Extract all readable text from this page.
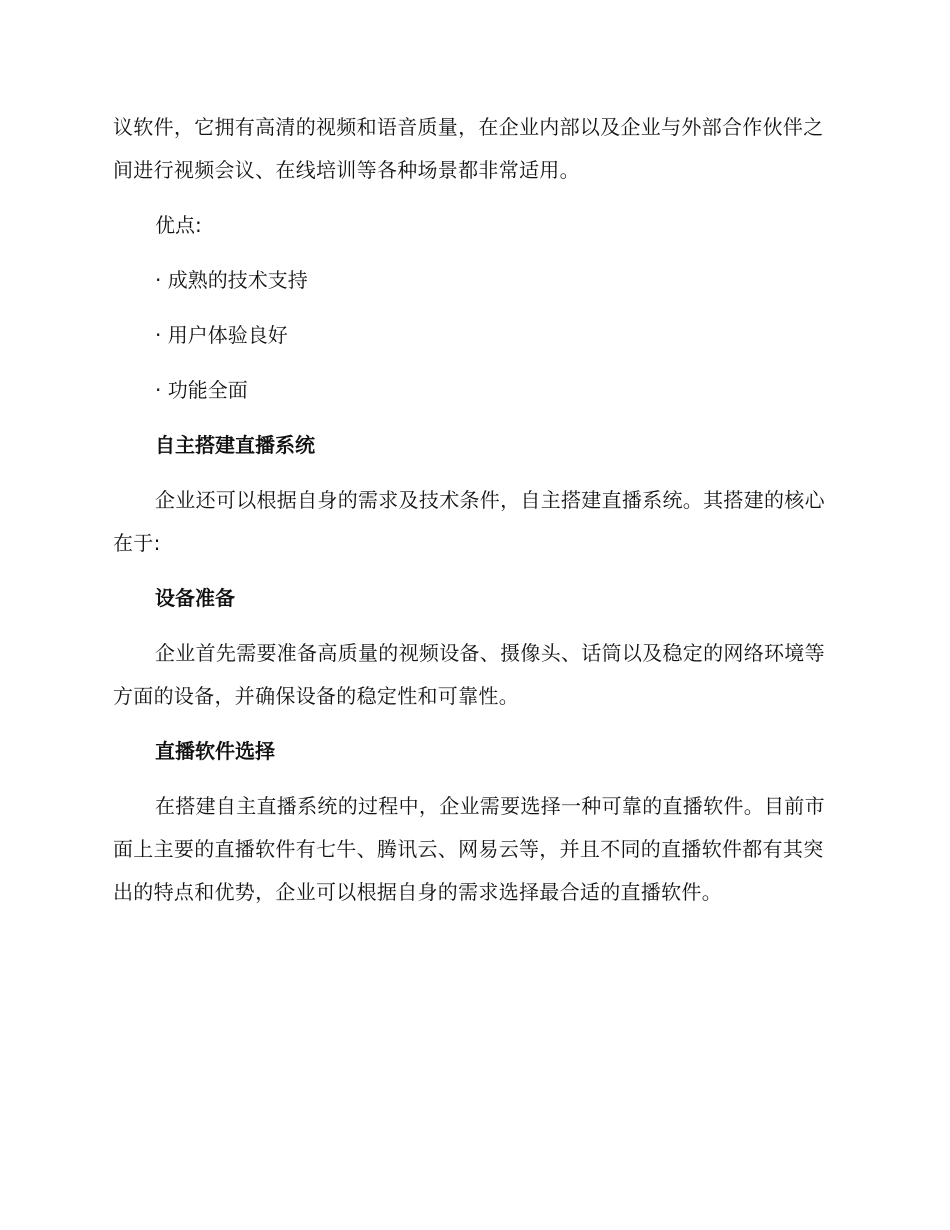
议软件，它拥有高清的视频和语音质量，在企业内部以及企业与外部合作伙伴之间进行视频会议、在线培训等各种场景都非常适用。

优点:

· 成熟的技术支持

· 用户体验良好

· 功能全面

自主搭建直播系统

企业还可以根据自身的需求及技术条件，自主搭建直播系统。其搭建的核心在于:

设备准备

企业首先需要准备高质量的视频设备、摄像头、话筒以及稳定的网络环境等方面的设备，并确保设备的稳定性和可靠性。

直播软件选择

在搭建自主直播系统的过程中，企业需要选择一种可靠的直播软件。目前市面上主要的直播软件有七牛、腾讯云、网易云等，并且不同的直播软件都有其突出的特点和优势，企业可以根据自身的需求选择最合适的直播软件。
